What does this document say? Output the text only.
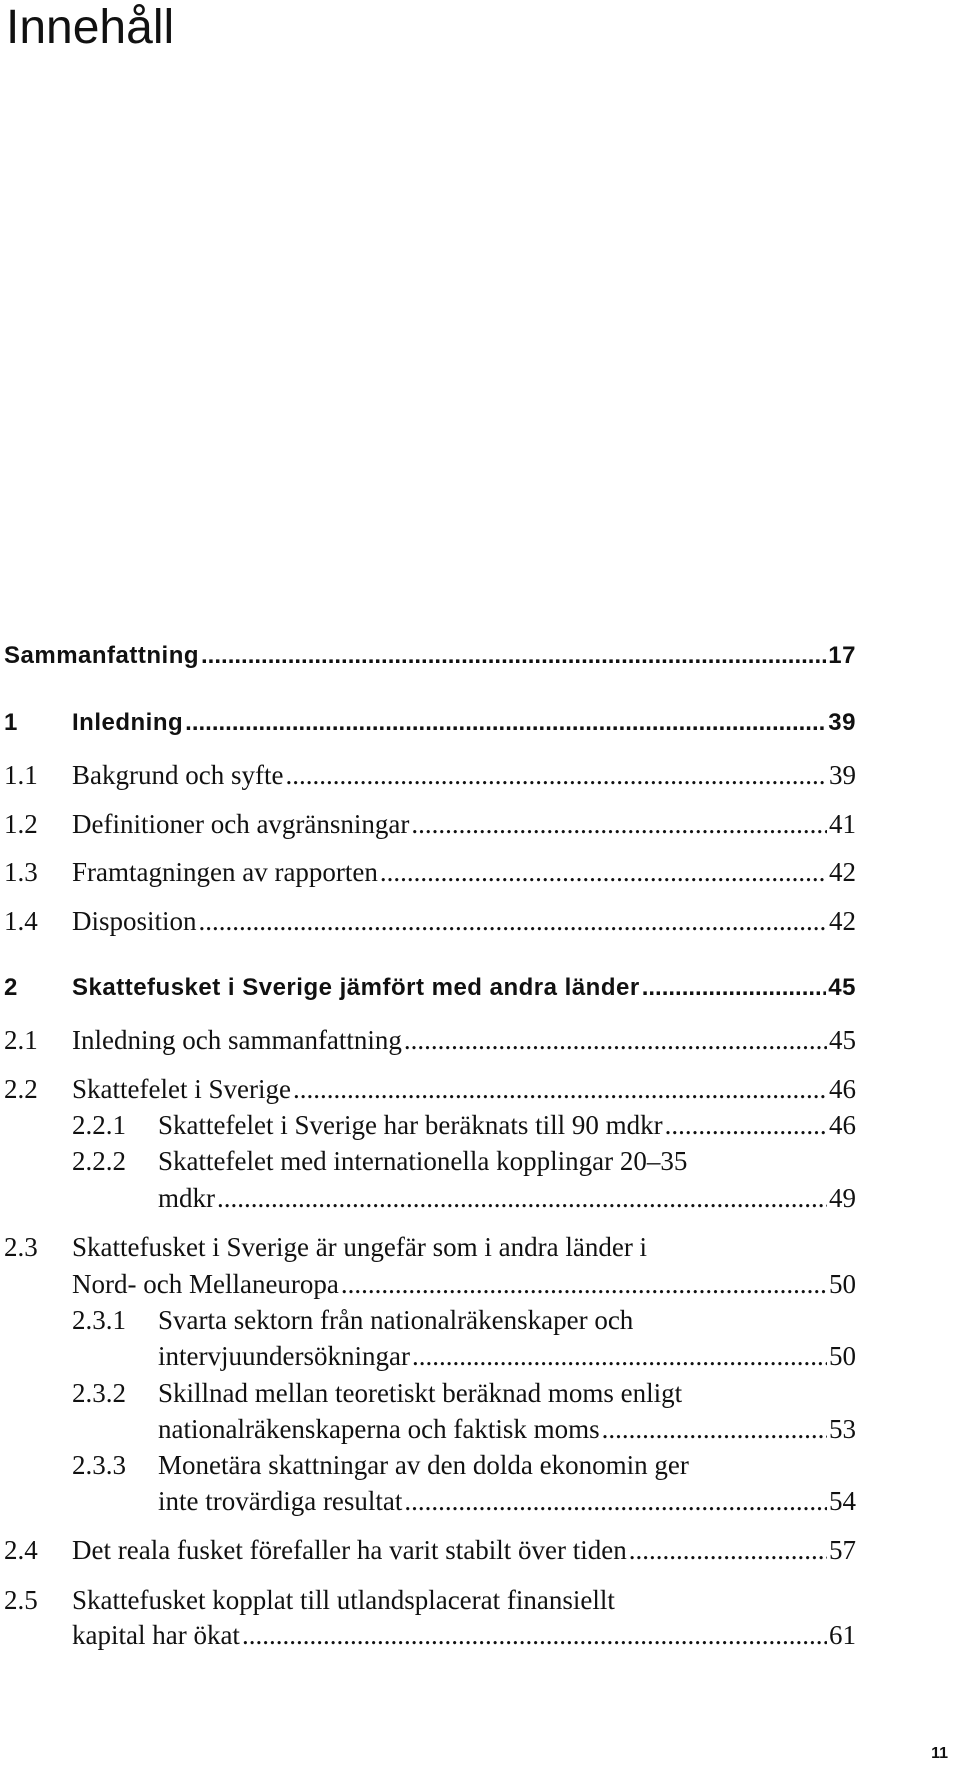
Innehåll
Sammanfattning .....	17
1	Inledning .....	39
1.1	Bakgrund och syfte .....	39
1.2	Definitioner och avgränsningar .....	41
1.3	Framtagningen av rapporten .....	42
1.4	Disposition .....	42
2	Skattefusket i Sverige jämfört med andra länder .....	45
2.1	Inledning och sammanfattning .....	45
2.2	Skattefelet i Sverige .....	46
2.2.1	Skattefelet i Sverige har beräknats till 90 mdkr .....	46
2.2.2 Skattefelet med internationella kopplingar 20–35
mdkr .....	49
2.3 Skattefusket i Sverige är ungefär som i andra länder i
Nord- och Mellaneuropa .....	50
2.3.1 Svarta sektorn från nationalräkenskaper och
intervjuundersökningar .....	50
2.3.2 Skillnad mellan teoretiskt beräknad moms enligt
nationalräkenskaperna och faktisk moms .....	53
2.3.3 Monetära skattningar av den dolda ekonomin ger
inte trovärdiga resultat .....	54
2.4	Det reala fusket förefaller ha varit stabilt över tiden .....	57
2.5 Skattefusket kopplat till utlandsplacerat finansiellt
kapital har ökat .....	61
11
